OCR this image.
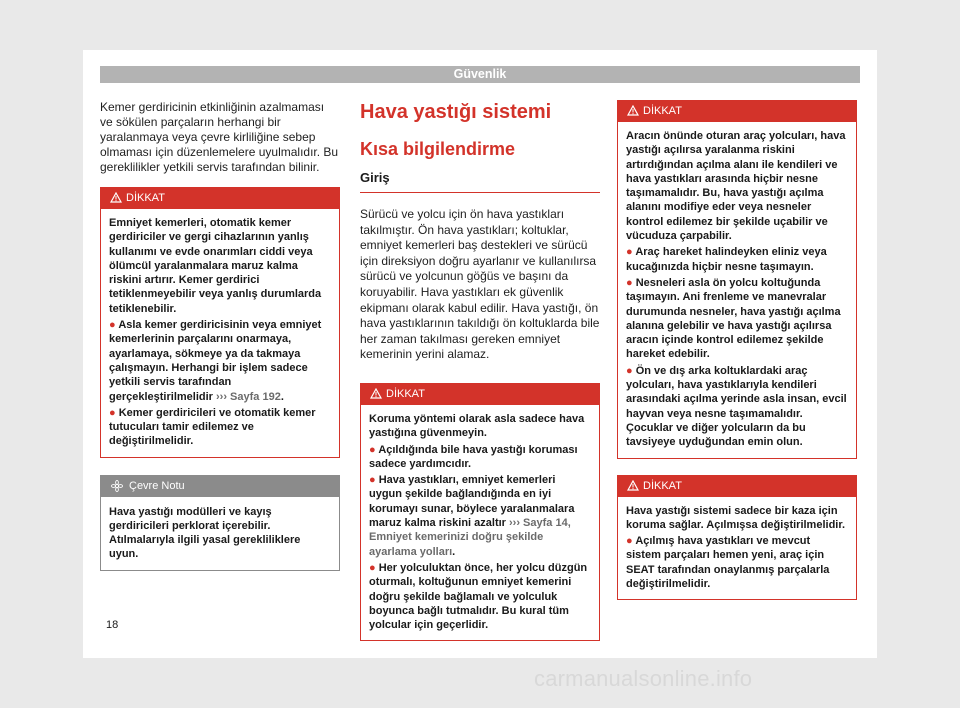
Güvenlik

Kemer gerdiricinin etkinliğinin azalmaması ve sökülen parçaların herhangi bir yaralanmaya veya çevre kirliliğine sebep olmaması için düzenlemelere uyulmalıdır. Bu gereklilikler yetkili servis tarafından bilinir.

DİKKAT
Emniyet kemerleri, otomatik kemer gerdiriciler ve gergi cihazlarının yanlış kullanımı ve evde onarımları ciddi veya ölümcül yaralanmalara maruz kalma riskini artırır. Kemer gerdirici tetiklenmeyebilir veya yanlış durumlarda tetiklenebilir.
● Asla kemer gerdiricisinin veya emniyet kemerlerinin parçalarını onarmaya, ayarlamaya, sökmeye ya da takmaya çalışmayın. Herhangi bir işlem sadece yetkili servis tarafından gerçekleştirilmelidir ››› Sayfa 192.
● Kemer gerdiricileri ve otomatik kemer tutucuları tamir edilemez ve değiştirilmelidir.
Çevre Notu
Hava yastığı modülleri ve kayış gerdiricileri perklorat içerebilir. Atılmalarıyla ilgili yasal gerekliliklere uyun.
Hava yastığı sistemi
Kısa bilgilendirme
Giriş

Sürücü ve yolcu için ön hava yastıkları takılmıştır. Ön hava yastıkları; koltuklar, emniyet kemerleri baş destekleri ve sürücü için direksiyon doğru ayarlanır ve kullanılırsa sürücü ve yolcunun göğüs ve başını da koruyabilir. Hava yastıkları ek güvenlik ekipmanı olarak kabul edilir. Hava yastığı, ön hava yastıklarının takıldığı ön koltuklarda bile her zaman takılması gereken emniyet kemerinin yerini alamaz.

DİKKAT
Koruma yöntemi olarak asla sadece hava yastığına güvenmeyin.
● Açıldığında bile hava yastığı koruması sadece yardımcıdır.
● Hava yastıkları, emniyet kemerleri uygun şekilde bağlandığında en iyi korumayı sunar, böylece yaralanmalara maruz kalma riskini azaltır ››› Sayfa 14, Emniyet kemerinizi doğru şekilde ayarlama yolları.
● Her yolculuktan önce, her yolcu düzgün oturmalı, koltuğunun emniyet kemerini doğru şekilde bağlamalı ve yolculuk boyunca bağlı tutmalıdır. Bu kural tüm yolcular için geçerlidir.
DİKKAT
Aracın önünde oturan araç yolcuları, hava yastığı açılırsa yaralanma riskini artırdığından açılma alanı ile kendileri ve hava yastıkları arasında hiçbir nesne taşımamalıdır. Bu, hava yastığı açılma alanını modifiye eder veya nesneler kontrol edilemez bir şekilde uçabilir ve vücuduza çarpabilir.
● Araç hareket halindeyken eliniz veya kucağınızda hiçbir nesne taşımayın.
● Nesneleri asla ön yolcu koltuğunda taşımayın. Ani frenleme ve manevralar durumunda nesneler, hava yastığı açılma alanına gelebilir ve hava yastığı açılırsa aracın içinde kontrol edilemez şekilde hareket edebilir.
● Ön ve dış arka koltuklardaki araç yolcuları, hava yastıklarıyla kendileri arasındaki açılma yerinde asla insan, evcil hayvan veya nesne taşımamalıdır. Çocuklar ve diğer yolcuların da bu tavsiyeye uyduğundan emin olun.
DİKKAT
Hava yastığı sistemi sadece bir kaza için koruma sağlar. Açılmışsa değiştirilmelidir.
● Açılmış hava yastıkları ve mevcut sistem parçaları hemen yeni, araç için SEAT tarafından onaylanmış parçalarla değiştirilmelidir.
18
carmanualsonline.info
